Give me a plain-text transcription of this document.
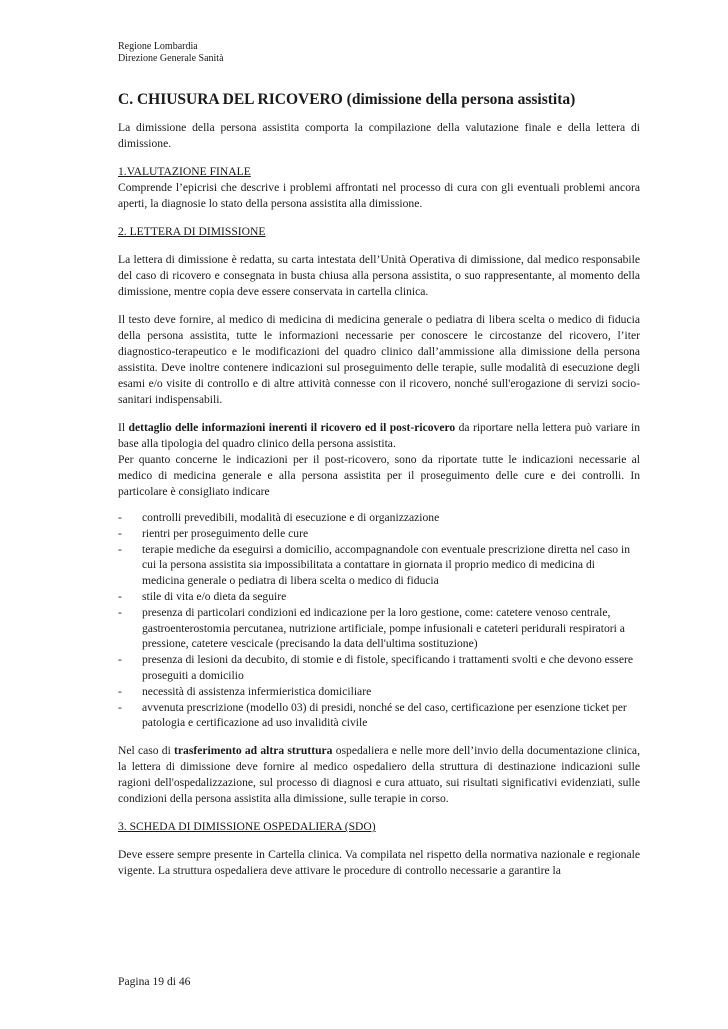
Regione Lombardia
Direzione Generale Sanità
C. CHIUSURA DEL RICOVERO (dimissione della persona assistita)

La dimissione della persona assistita comporta la compilazione della valutazione finale e della lettera di dimissione.

1.VALUTAZIONE FINALE

Comprende l’epicrisi che descrive i problemi affrontati nel processo di cura con gli eventuali problemi ancora aperti, la diagnosie lo stato della persona assistita alla dimissione.

2. LETTERA DI DIMISSIONE

La lettera di dimissione è redatta, su carta intestata dell’Unità Operativa di dimissione, dal medico responsabile del caso di ricovero e consegnata in busta chiusa alla persona assistita, o suo rappresentante, al momento della dimissione, mentre copia deve essere conservata in cartella clinica.

Il testo deve fornire, al medico di medicina di medicina generale o pediatra di libera scelta o medico di fiducia della persona assistita, tutte le informazioni necessarie per conoscere le circostanze del ricovero, l’iter diagnostico-terapeutico e le modificazioni del quadro clinico dall’ammissione alla dimissione della persona assistita. Deve inoltre contenere indicazioni sul proseguimento delle terapie, sulle modalità di esecuzione degli esami e/o visite di controllo e di altre attività connesse con il ricovero, nonché sull'erogazione di servizi socio-sanitari indispensabili.

Il dettaglio delle informazioni inerenti il ricovero ed il post-ricovero da riportare nella lettera può variare in base alla tipologia del quadro clinico della persona assistita.

Per quanto concerne le indicazioni per il post-ricovero, sono da riportate tutte le indicazioni necessarie al medico di medicina generale e alla persona assistita per il proseguimento delle cure e dei controlli. In particolare è consigliato indicare

- controlli prevedibili, modalità di esecuzione e di organizzazione
- rientri per proseguimento delle cure
- terapie mediche da eseguirsi a domicilio, accompagnandole con eventuale prescrizione diretta nel caso in cui la persona assistita sia impossibilitata a contattare in giornata il proprio medico di medicina di medicina generale o pediatra di libera scelta o medico di fiducia
- stile di vita e/o dieta da seguire
- presenza di particolari condizioni ed indicazione per la loro gestione, come: catetere venoso centrale, gastroenterostomia percutanea, nutrizione artificiale, pompe infusionali e cateteri peridurali respiratori a pressione, catetere vescicale (precisando la data dell'ultima sostituzione)
- presenza di lesioni da decubito, di stomie e di fistole, specificando i trattamenti svolti e che devono essere proseguiti a domicilio
- necessità di assistenza infermieristica domiciliare
- avvenuta prescrizione (modello 03) di presidi, nonché se del caso, certificazione per esenzione ticket per patologia e certificazione ad uso invalidità civile

Nel caso di trasferimento ad altra struttura ospedaliera e nelle more dell’invio della documentazione clinica, la lettera di dimissione deve fornire al medico ospedaliero della struttura di destinazione indicazioni sulle ragioni dell'ospedalizzazione, sul processo di diagnosi e cura attuato, sui risultati significativi evidenziati, sulle condizioni della persona assistita alla dimissione, sulle terapie in corso.

3. SCHEDA DI DIMISSIONE OSPEDALIERA (SDO)

Deve essere sempre presente in Cartella clinica. Va compilata nel rispetto della normativa nazionale e regionale vigente. La struttura ospedaliera deve attivare le procedure di controllo necessarie a garantire la

Pagina 19 di 46
